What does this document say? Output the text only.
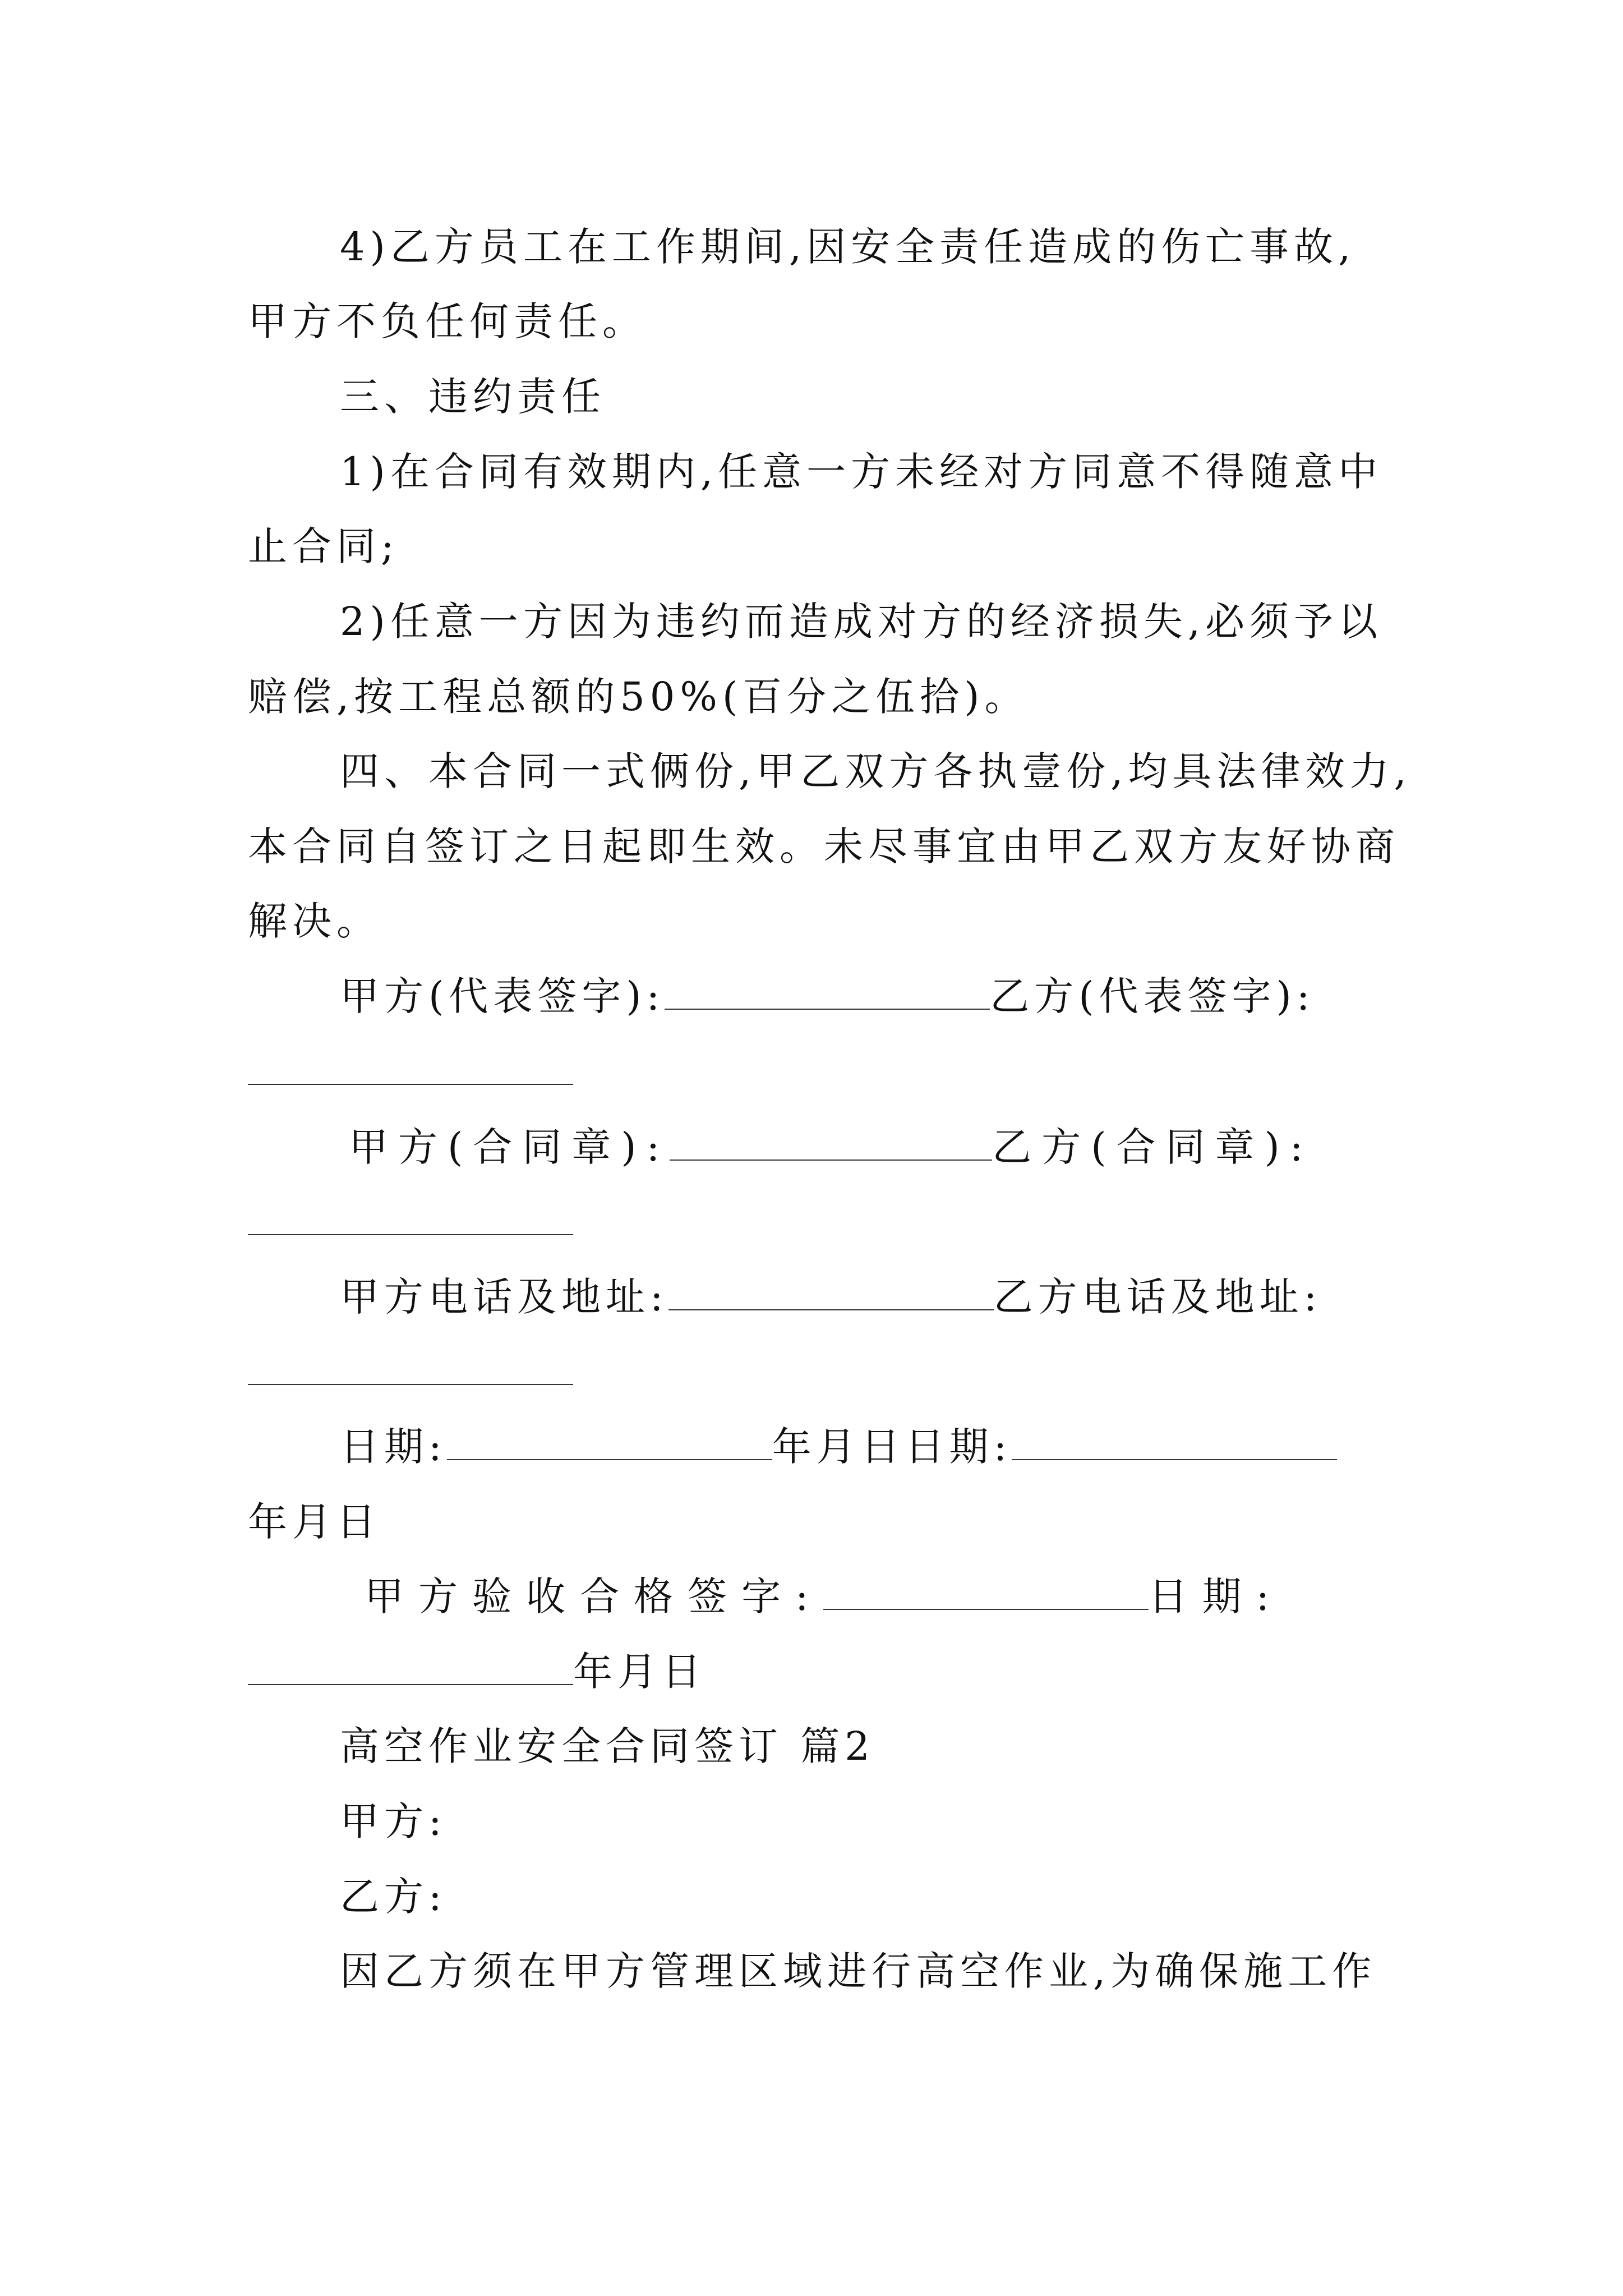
4)乙方员工在工作期间,因安全责任造成的伤亡事故,
甲方不负任何责任。
三、违约责任
1)在合同有效期内,任意一方未经对方同意不得随意中
止合同;
2)任意一方因为违约而造成对方的经济损失,必须予以
赔偿,按工程总额的50%(百分之伍拾)。
四、本合同一式俩份,甲乙双方各执壹份,均具法律效力,
本合同自签订之日起即生效。未尽事宜由甲乙双方友好协商
解决。
甲方(代表签字):	乙方(代表签字):
甲方(合同章):	乙方(合同章):
甲方电话及地址:	乙方电话及地址:
日期:	年月日日期:
年月日
甲方验收合格签字:	日期:
年月日
高空作业安全合同签订 篇2
甲方:
乙方:
因乙方须在甲方管理区域进行高空作业,为确保施工作
